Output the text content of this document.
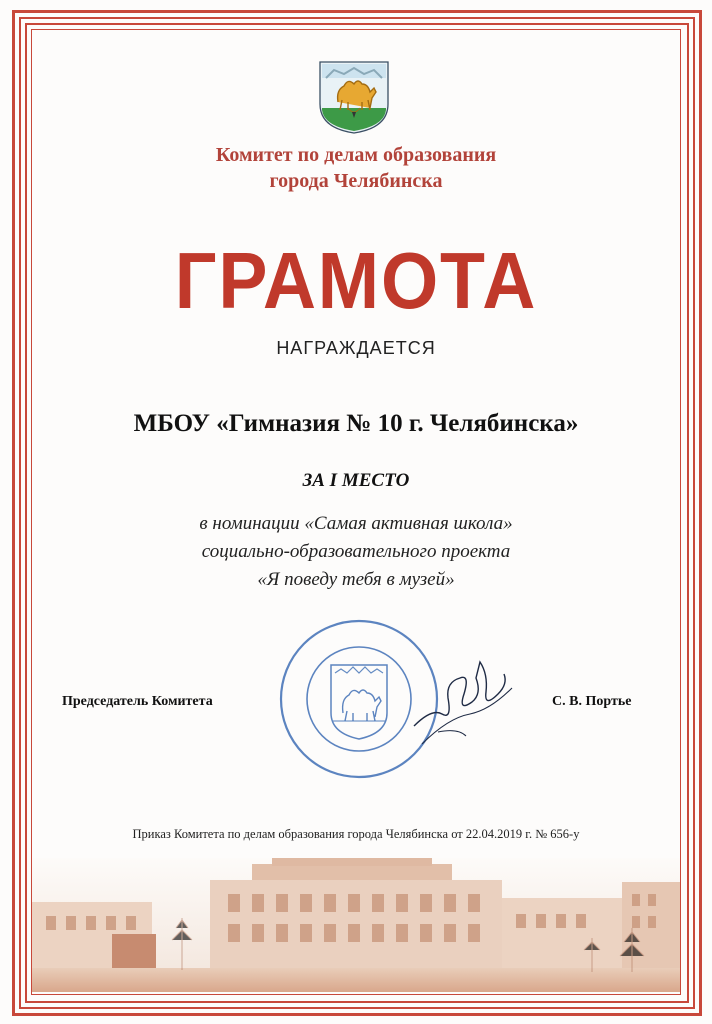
Комитет по делам образования
города Челябинска
ГРАМОТА
НАГРАЖДАЕТСЯ
МБОУ «Гимназия № 10 г. Челябинска»
ЗА I МЕСТО
в номинации «Самая активная школа»
социально-образовательного проекта
«Я поведу тебя в музей»
Председатель Комитета	С. В. Портье
Приказ Комитета по делам образования города Челябинска от 22.04.2019 г. № 656-у
